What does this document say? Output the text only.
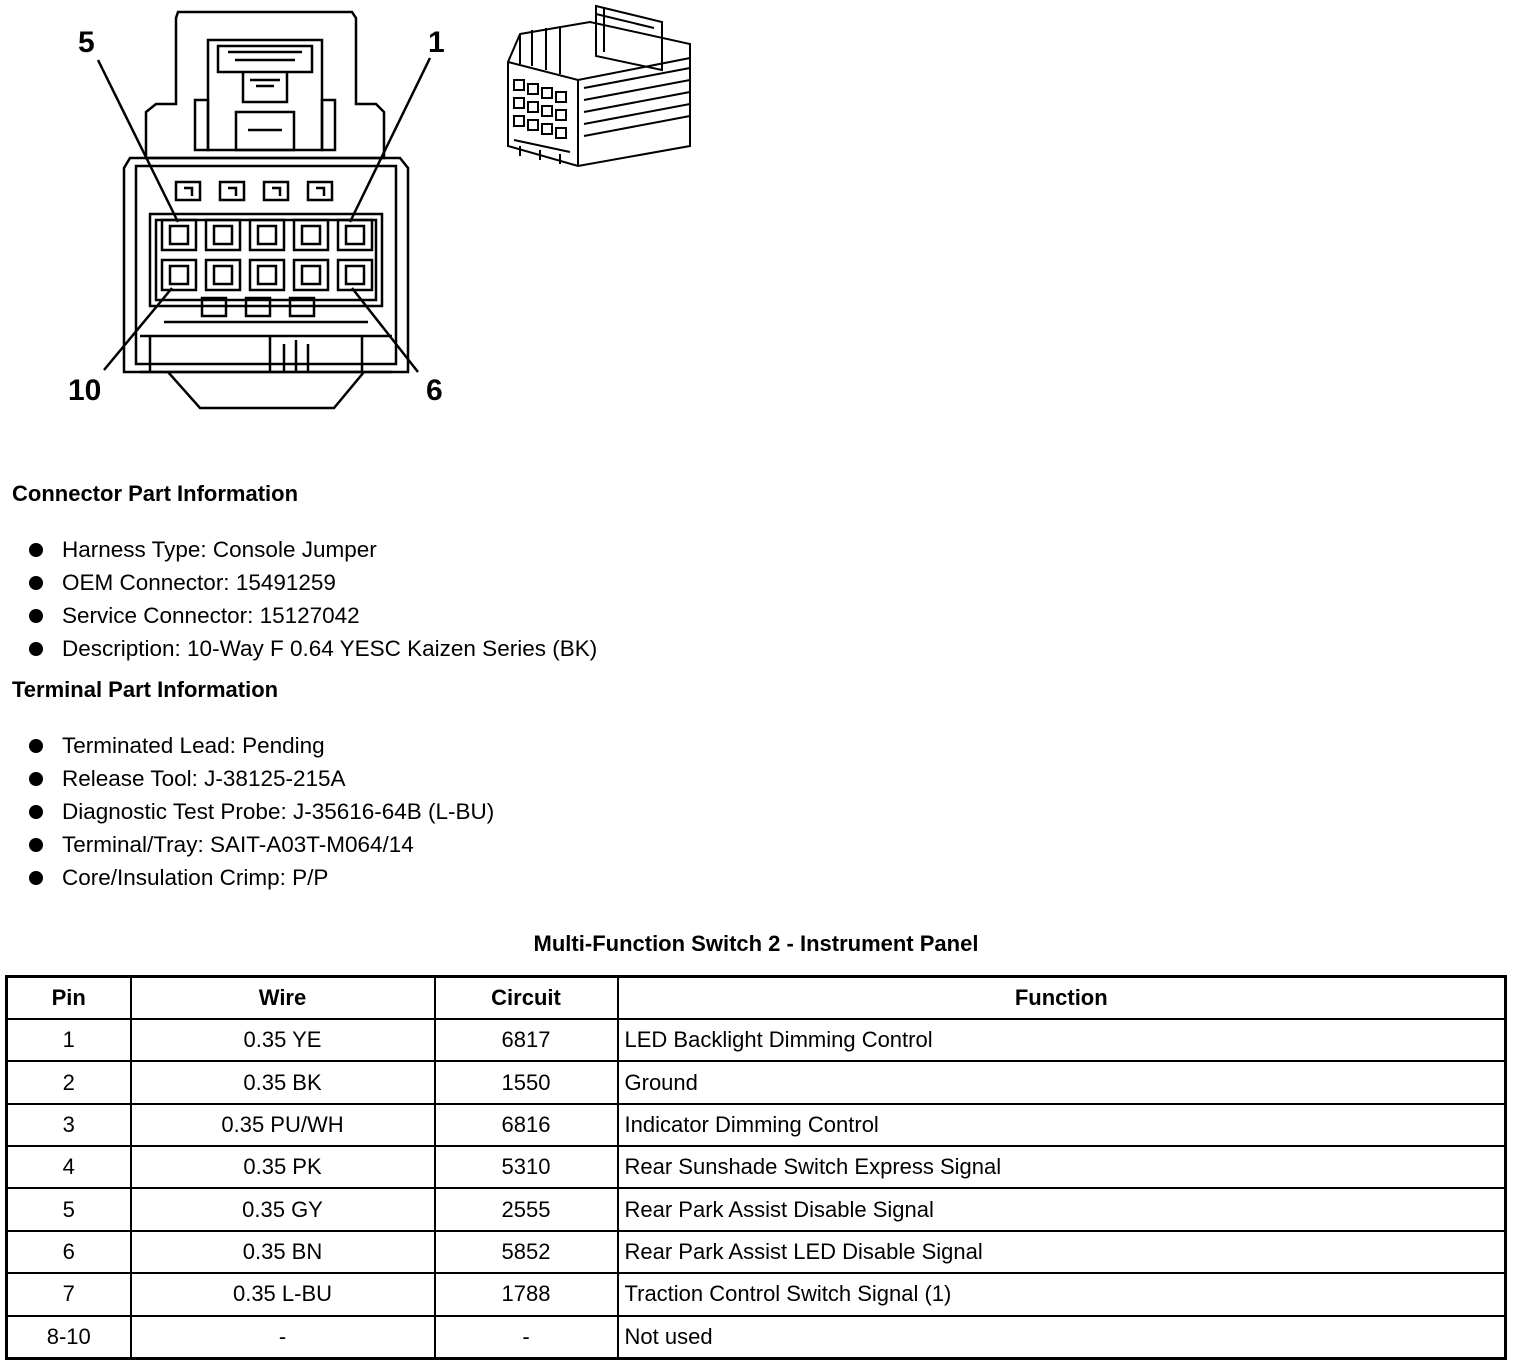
5	1
10	6
Connector Part Information
Harness Type: Console Jumper
OEM Connector: 15491259
Service Connector: 15127042
Description: 10-Way F 0.64 YESC Kaizen Series (BK)
Terminal Part Information
Terminated Lead: Pending
Release Tool: J-38125-215A
Diagnostic Test Probe: J-35616-64B (L-BU)
Terminal/Tray: SAIT-A03T-M064/14
Core/Insulation Crimp: P/P
Multi-Function Switch 2 - Instrument Panel
Pin	Wire	Circuit	Function
1	0.35 YE	6817	LED Backlight Dimming Control
2	0.35 BK	1550	Ground
3	0.35 PU/WH	6816	Indicator Dimming Control
4	0.35 PK	5310	Rear Sunshade Switch Express Signal
5	0.35 GY	2555	Rear Park Assist Disable Signal
6	0.35 BN	5852	Rear Park Assist LED Disable Signal
7	0.35 L-BU	1788	Traction Control Switch Signal (1)
8-10	-	-	Not used
